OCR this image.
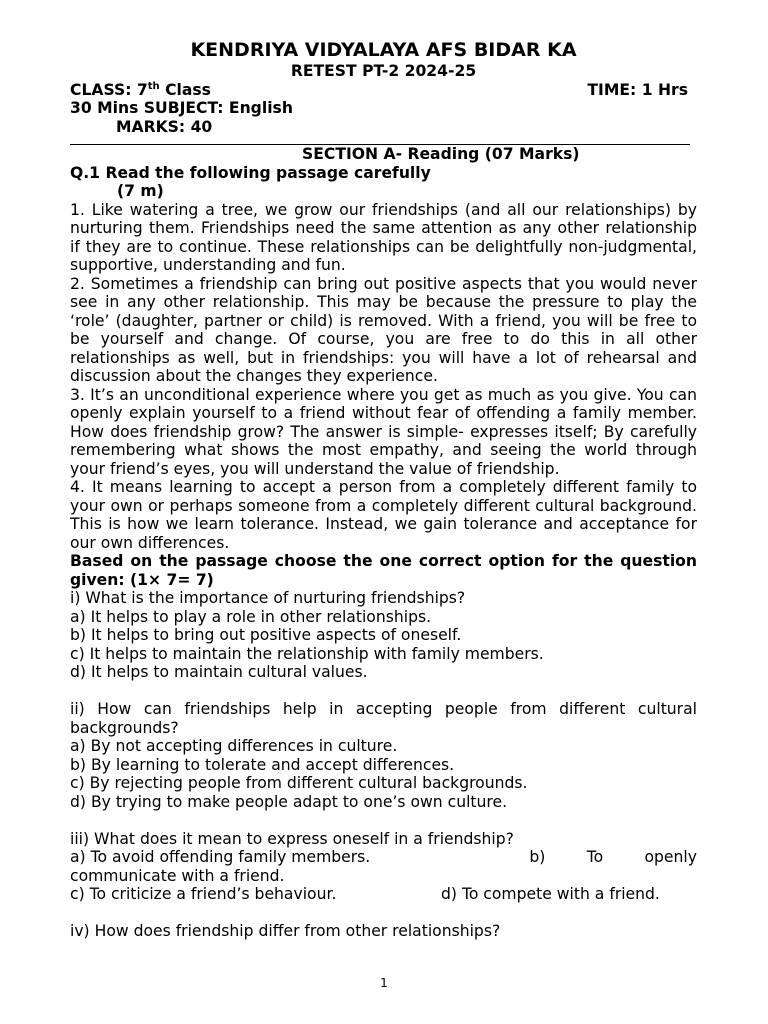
KENDRIYA VIDYALAYA AFS BIDAR KA
RETEST PT-2 2024-25
CLASS: 7th Class	TIME: 1 Hrs
30 Mins SUBJECT: English
MARKS: 40
SECTION A- Reading (07 Marks)
Q.1 Read the following passage carefully
(7 m)
1. Like watering a tree, we grow our friendships (and all our relationships) by nurturing them. Friendships need the same attention as any other relationship if they are to continue. These relationships can be delightfully non-judgmental, supportive, understanding and fun.
2. Sometimes a friendship can bring out positive aspects that you would never see in any other relationship. This may be because the pressure to play the ‘role’ (daughter, partner or child) is removed. With a friend, you will be free to be yourself and change. Of course, you are free to do this in all other relationships as well, but in friendships: you will have a lot of rehearsal and discussion about the changes they experience.
3. It’s an unconditional experience where you get as much as you give. You can openly explain yourself to a friend without fear of offending a family member. How does friendship grow? The answer is simple- expresses itself; By carefully remembering what shows the most empathy, and seeing the world through your friend’s eyes, you will understand the value of friendship.
4. It means learning to accept a person from a completely different family to your own or perhaps someone from a completely different cultural background. This is how we learn tolerance. Instead, we gain tolerance and acceptance for our own differences.
Based on the passage choose the one correct option for the question given: (1× 7= 7)
i) What is the importance of nurturing friendships?
a) It helps to play a role in other relationships.
b) It helps to bring out positive aspects of oneself.
c) It helps to maintain the relationship with family members.
d) It helps to maintain cultural values.
ii) How can friendships help in accepting people from different cultural backgrounds?
a) By not accepting differences in culture.
b) By learning to tolerate and accept differences.
c) By rejecting people from different cultural backgrounds.
d) By trying to make people adapt to one’s own culture.
iii) What does it mean to express oneself in a friendship?
a) To avoid offending family members.	b)	To	openly
communicate with a friend.
c) To criticize a friend’s behaviour.	d) To compete with a friend.
iv) How does friendship differ from other relationships?
1
